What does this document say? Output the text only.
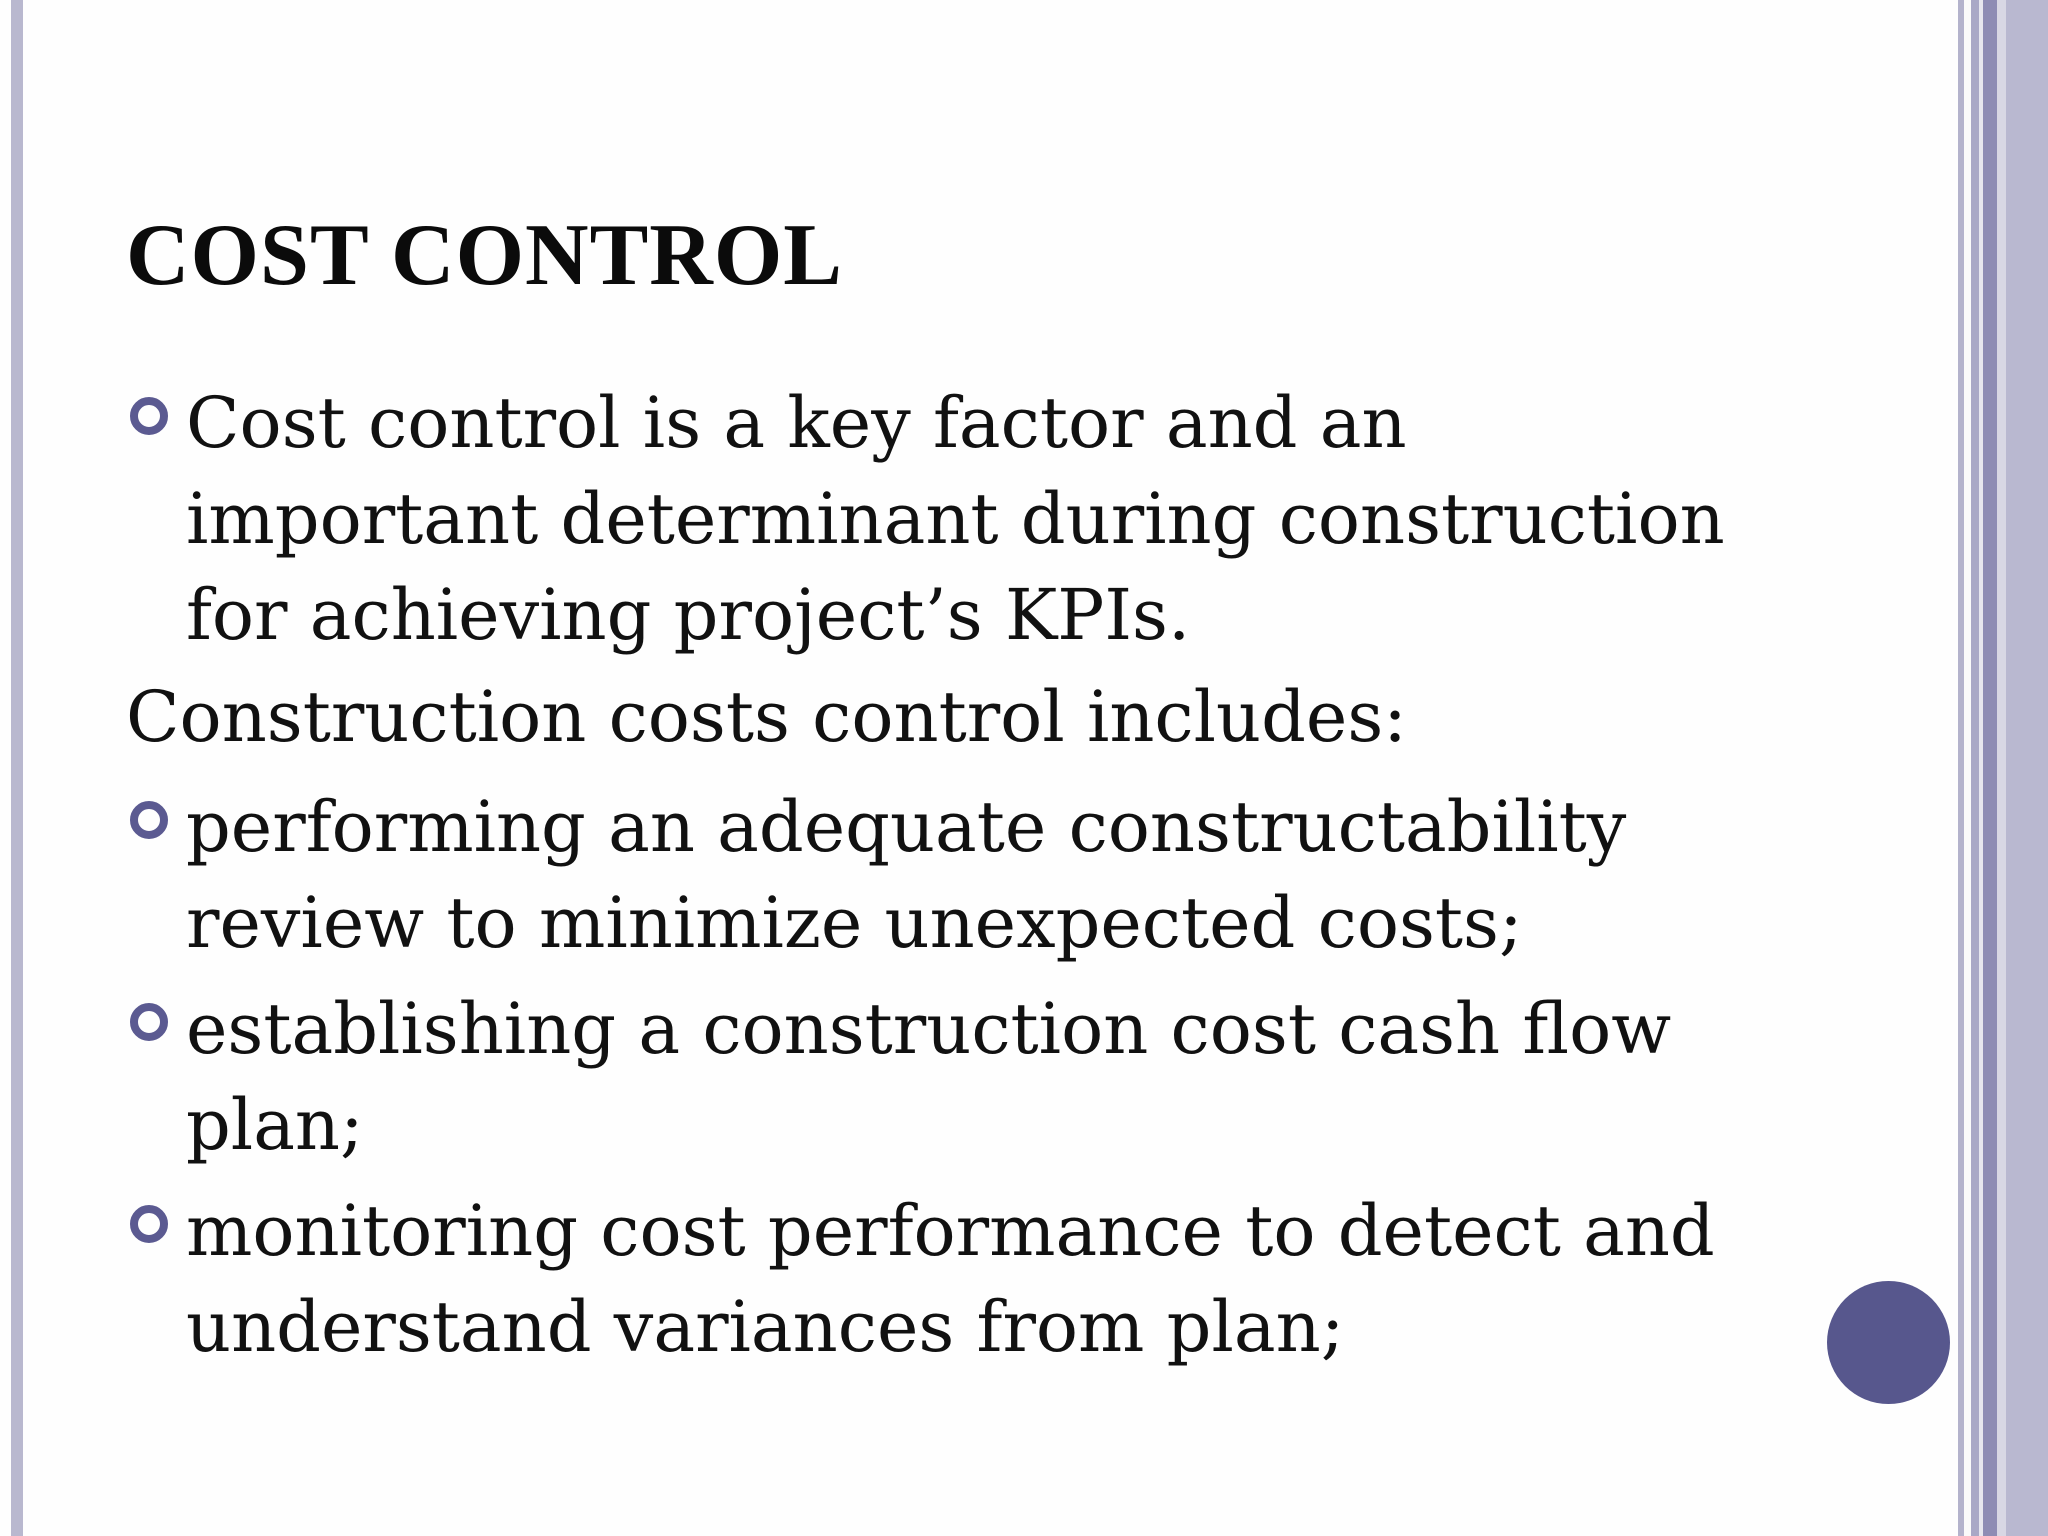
COST CONTROL

Cost control is a key factor and an important determinant during construction for achieving project’s KPIs.

Construction costs control includes:

performing an adequate constructability review to minimize unexpected costs;

establishing a construction cost cash flow plan;

monitoring cost performance to detect and understand variances from plan;
